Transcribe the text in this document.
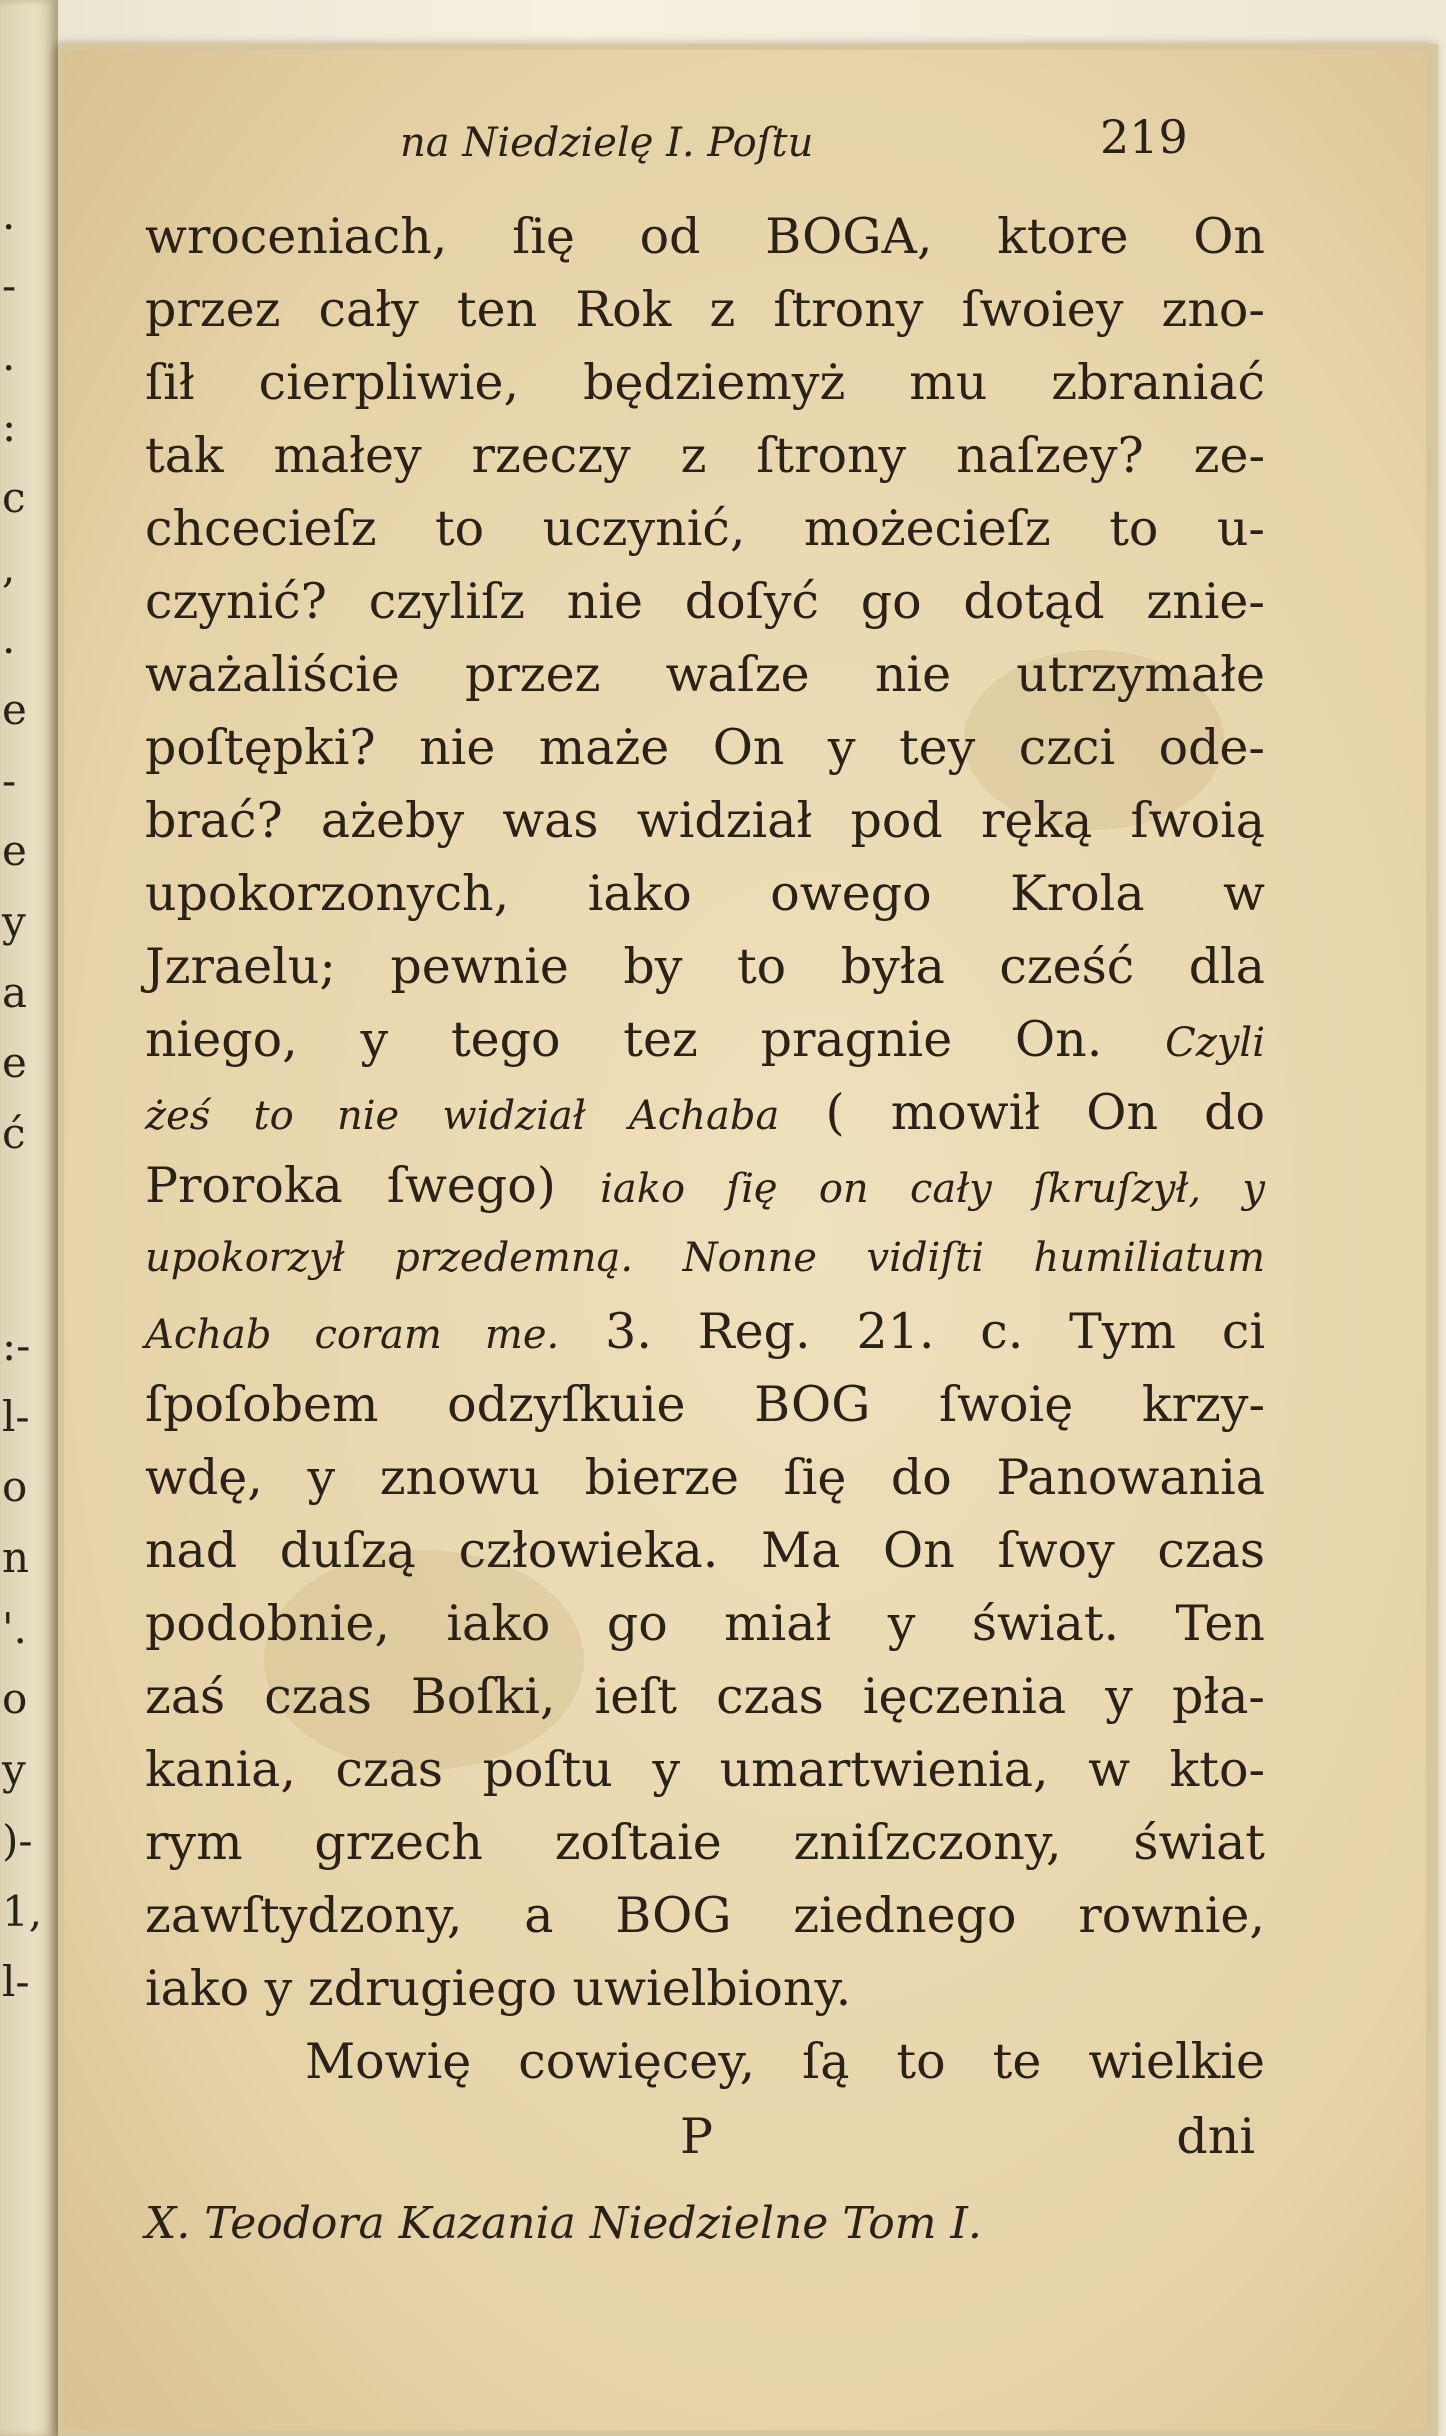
.
-
.
:
c
,
.
e
-
e
y
a
e
ć
:-
l-
o
n
'.
o
y
)-
1,
l-
na Niedzielę I. Poſtu	219
wroceniach, ſię od BOGA, ktore On
przez cały ten Rok z ſtrony ſwoiey zno-
ſił cierpliwie, będziemyż mu zbraniać
tak małey rzeczy z ſtrony naſzey? ze-
chcecieſz to uczynić, możecieſz to u-
czynić? czyliſz nie doſyć go dotąd znie-
ważaliście przez waſze nie utrzymałe
poſtępki? nie maże On y tey czci ode-
brać? ażeby was widział pod ręką ſwoią
upokorzonych, iako owego Krola w
Jzraelu; pewnie by to była cześć dla
niego, y tego tez pragnie On. Czyli
żeś to nie widział Achaba ( mowił On do
Proroka ſwego) iako ſię on cały ſkruſzył, y
upokorzył przedemną. Nonne vidiſti humiliatum
Achab coram me. 3. Reg. 21. c. Tym ci
ſpoſobem odzyſkuie BOG ſwoię krzy-
wdę, y znowu bierze ſię do Panowania
nad duſzą człowieka. Ma On ſwoy czas
podobnie, iako go miał y świat. Ten
zaś czas Boſki, ieſt czas ięczenia y pła-
kania, czas poſtu y umartwienia, w kto-
rym grzech zoſtaie zniſzczony, świat
zawſtydzony, a BOG ziednego rownie,
iako y zdrugiego uwielbiony.
Mowię cowięcey, ſą to te wielkie
P	dni
X. Teodora Kazania Niedzielne Tom I.
